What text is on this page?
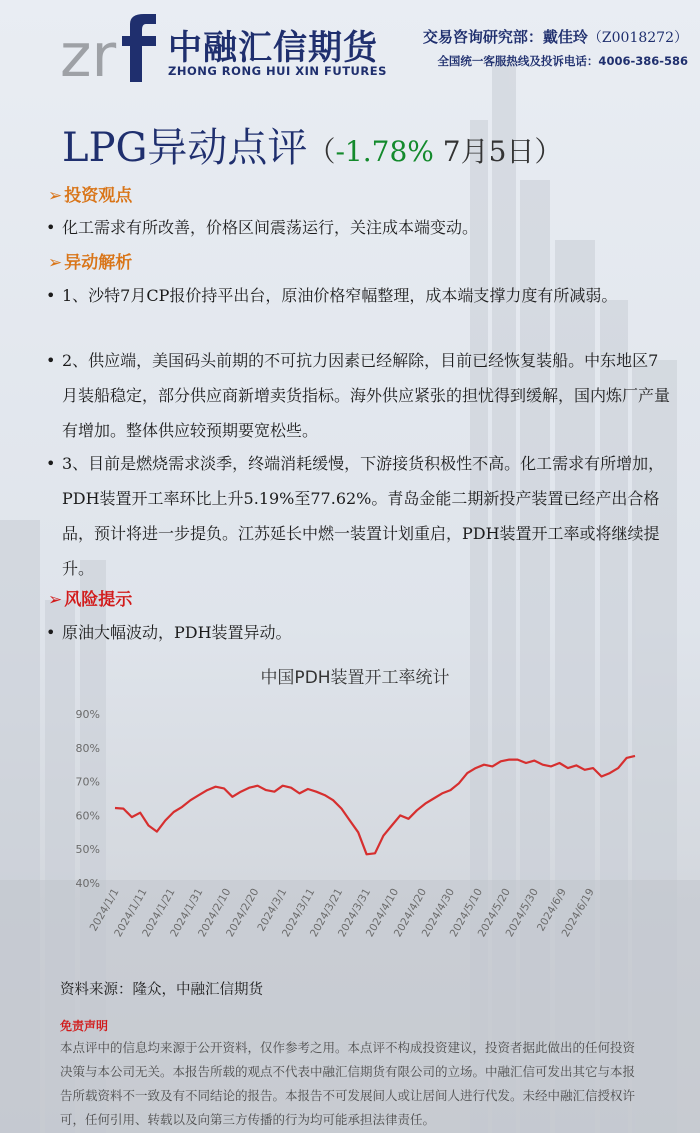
zr 中融汇信期货
ZHONG RONG HUI XIN FUTURES
交易咨询研究部：戴佳玲（Z0018272）
全国统一客服热线及投诉电话：4006-386-586
LPG异动点评（-1.78% 7月5日）
➢ 投资观点
• 化工需求有所改善，价格区间震荡运行，关注成本端变动。
➢ 异动解析
• 1、沙特7月CP报价持平出台，原油价格窄幅整理，成本端支撑力度有所减弱。
• 2、供应端，美国码头前期的不可抗力因素已经解除，目前已经恢复装船。中东地区7月装船稳定，部分供应商新增卖货指标。海外供应紧张的担忧得到缓解，国内炼厂产量有增加。整体供应较预期要宽松些。
• 3、目前是燃烧需求淡季，终端消耗缓慢，下游接货积极性不高。化工需求有所增加，PDH装置开工率环比上升5.19%至77.62%。青岛金能二期新投产装置已经产出合格品，预计将进一步提负。江苏延长中燃一装置计划重启，PDH装置开工率或将继续提升。
➢ 风险提示
• 原油大幅波动，PDH装置异动。
中国PDH装置开工率统计
90%
80%
70%
60%
50%
40%
2024/1/1
2024/1/11
2024/1/21
2024/1/31
2024/2/10
2024/2/20
2024/3/1
2024/3/11
2024/3/21
2024/3/31
2024/4/10
2024/4/20
2024/4/30
2024/5/10
2024/5/20
2024/5/30
2024/6/9
2024/6/19
资料来源：隆众，中融汇信期货
免责声明
本点评中的信息均来源于公开资料，仅作参考之用。本点评不构成投资建议，投资者据此做出的任何投资决策与本公司无关。本报告所载的观点不代表中融汇信期货有限公司的立场。中融汇信可发出其它与本报告所载资料不一致及有不同结论的报告。本报告不可发展间人或让居间人进行代发。未经中融汇信授权许可，任何引用、转载以及向第三方传播的行为均可能承担法律责任。
